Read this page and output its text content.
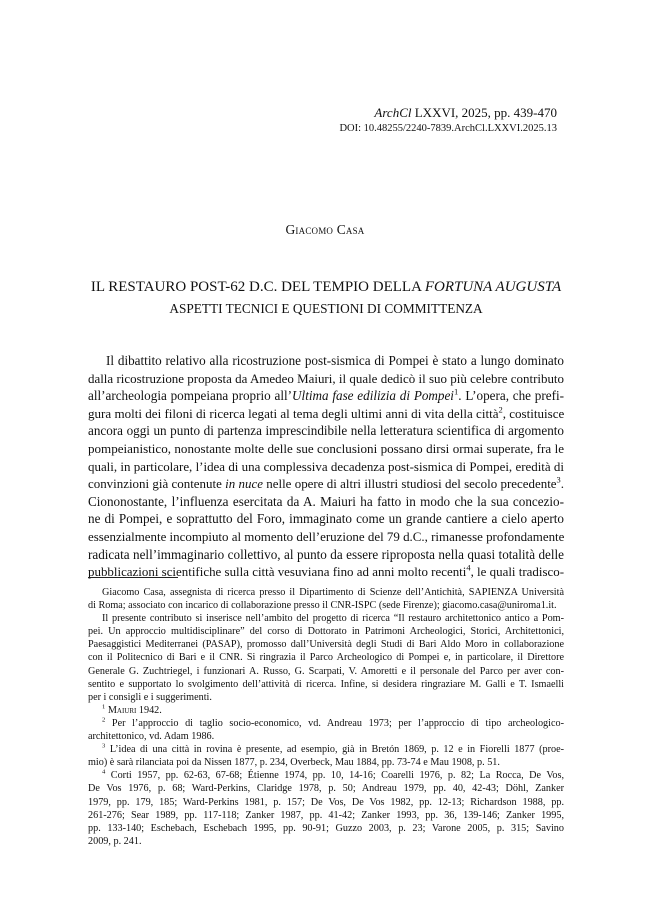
ArchCl LXXVI, 2025, pp. 439-470
DOI: 10.48255/2240-7839.ArchCl.LXXVI.2025.13
Giacomo Casa
IL RESTAURO POST-62 D.C. DEL TEMPIO DELLA FORTUNA AUGUSTA
ASPETTI TECNICI E QUESTIONI DI COMMITTENZA
Il dibattito relativo alla ricostruzione post-sismica di Pompei è stato a lungo dominato
dalla ricostruzione proposta da Amedeo Maiuri, il quale dedicò il suo più celebre contributo
all’archeologia pompeiana proprio all’Ultima fase edilizia di Pompei$^1$. L’opera, che prefi-
gura molti dei filoni di ricerca legati al tema degli ultimi anni di vita della città$^2$, costituisce
ancora oggi un punto di partenza imprescindibile nella letteratura scientifica di argomento
pompeianistico, nonostante molte delle sue conclusioni possano dirsi ormai superate, fra le
quali, in particolare, l’idea di una complessiva decadenza post-sismica di Pompei, eredità di
convinzioni già contenute in nuce nelle opere di altri illustri studiosi del secolo precedente$^3$.
Ciononostante, l’influenza esercitata da A. Maiuri ha fatto in modo che la sua concezio-
ne di Pompei, e soprattutto del Foro, immaginato come un grande cantiere a cielo aperto
essenzialmente incompiuto al momento dell’eruzione del 79 d.C., rimanesse profondamente
radicata nell’immaginario collettivo, al punto da essere riproposta nella quasi totalità delle
pubblicazioni scientifiche sulla città vesuviana fino ad anni molto recenti$^4$, le quali tradisco-
Giacomo Casa, assegnista di ricerca presso il Dipartimento di Scienze dell’Antichità, SAPIENZA Università
di Roma; associato con incarico di collaborazione presso il CNR-ISPC (sede Firenze); giacomo.casa@uniroma1.it.
Il presente contributo si inserisce nell’ambito del progetto di ricerca “Il restauro architettonico antico a Pom-
pei. Un approccio multidisciplinare” del corso di Dottorato in Patrimoni Archeologici, Storici, Architettonici,
Paesaggistici Mediterranei (PASAP), promosso dall’Università degli Studi di Bari Aldo Moro in collaborazione
con il Politecnico di Bari e il CNR. Si ringrazia il Parco Archeologico di Pompei e, in particolare, il Direttore
Generale G. Zuchtriegel, i funzionari A. Russo, G. Scarpati, V. Amoretti e il personale del Parco per aver con-
sentito e supportato lo svolgimento dell’attività di ricerca. Infine, si desidera ringraziare M. Galli e T. Ismaelli
per i consigli e i suggerimenti.
$^1$ Maiuri 1942.
$^2$ Per l’approccio di taglio socio-economico, vd. Andreau 1973; per l’approccio di tipo archeologico-
architettonico, vd. Adam 1986.
$^3$ L’idea di una città in rovina è presente, ad esempio, già in Bretón 1869, p. 12 e in Fiorelli 1877 (proe-
mio) è sarà rilanciata poi da Nissen 1877, p. 234, Overbeck, Mau 1884, pp. 73-74 e Mau 1908, p. 51.
$^4$ Corti 1957, pp. 62-63, 67-68; Étienne 1974, pp. 10, 14-16; Coarelli 1976, p. 82; La Rocca, De Vos,
De Vos 1976, p. 68; Ward-Perkins, Claridge 1978, p. 50; Andreau 1979, pp. 40, 42-43; Döhl, Zanker
1979, pp. 179, 185; Ward-Perkins 1981, p. 157; De Vos, De Vos 1982, pp. 12-13; Richardson 1988, pp.
261-276; Sear 1989, pp. 117-118; Zanker 1987, pp. 41-42; Zanker 1993, pp. 36, 139-146; Zanker 1995,
pp. 133-140; Eschebach, Eschebach 1995, pp. 90-91; Guzzo 2003, p. 23; Varone 2005, p. 315; Savino
2009, p. 241.
